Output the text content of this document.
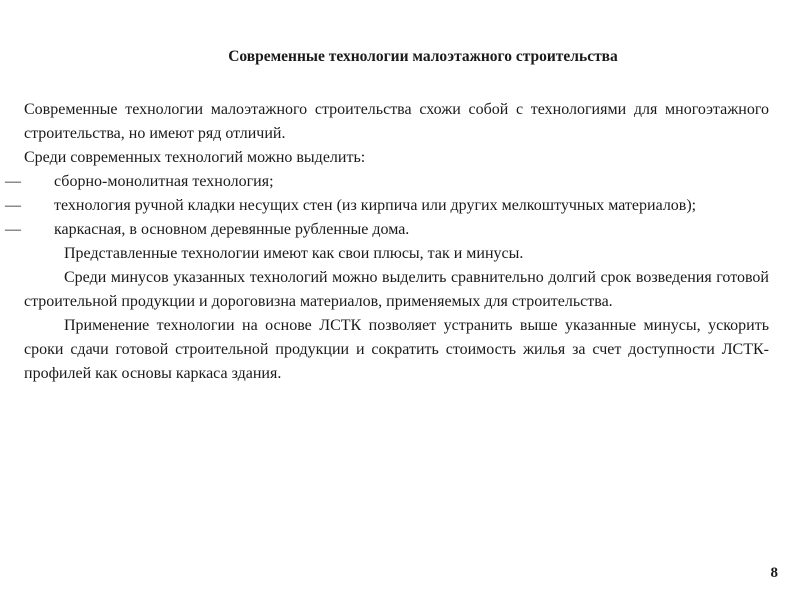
Современные технологии малоэтажного строительства

Современные технологии малоэтажного строительства схожи собой с технологиями для многоэтажного строительства, но имеют ряд отличий.

Среди современных технологий можно выделить:

—	сборно-монолитная технология;
—	технология ручной кладки несущих стен (из кирпича или других мелкоштучных материалов);
—	каркасная, в основном деревянные рубленные дома.

Представленные технологии имеют как свои плюсы, так и минусы.

Среди минусов указанных технологий можно выделить сравнительно долгий срок возведения готовой строительной продукции и дороговизна материалов, применяемых для строительства.

Применение технологии на основе ЛСТК позволяет устранить выше указанные минусы, ускорить сроки сдачи готовой строительной продукции и сократить стоимость жилья за счет доступности ЛСТК-профилей как основы каркаса здания.

8
